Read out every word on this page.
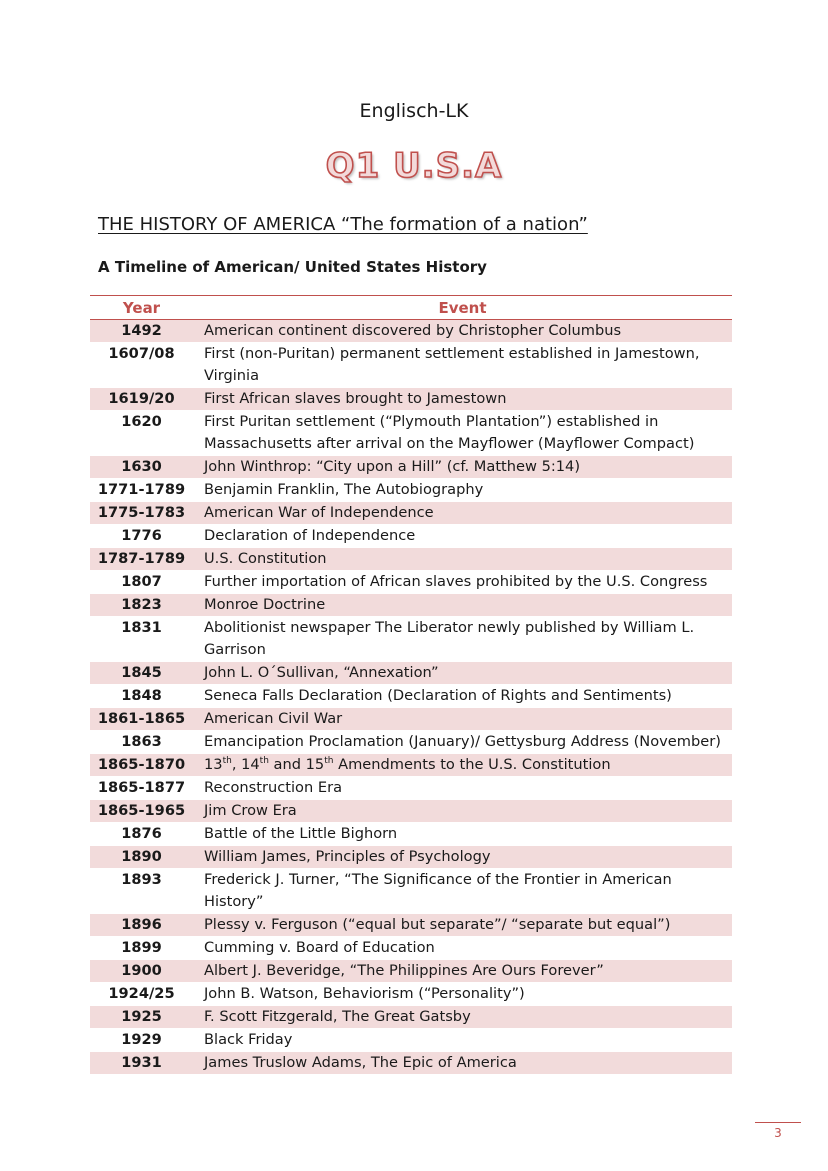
Englisch-LK
Q1 U.S.A
THE HISTORY OF AMERICA “The formation of a nation”
A Timeline of American/ United States History
Year	Event
1492	American continent discovered by Christopher Columbus
1607/08	First (non-Puritan) permanent settlement established in Jamestown, Virginia
1619/20	First African slaves brought to Jamestown
1620	First Puritan settlement (“Plymouth Plantation”) established in Massachusetts after arrival on the Mayflower (Mayflower Compact)
1630	John Winthrop: “City upon a Hill” (cf. Matthew 5:14)
1771-1789	Benjamin Franklin, The Autobiography
1775-1783	American War of Independence
1776	Declaration of Independence
1787-1789	U.S. Constitution
1807	Further importation of African slaves prohibited by the U.S. Congress
1823	Monroe Doctrine
1831	Abolitionist newspaper The Liberator newly published by William L. Garrison
1845	John L. O´Sullivan, “Annexation”
1848	Seneca Falls Declaration (Declaration of Rights and Sentiments)
1861-1865	American Civil War
1863	Emancipation Proclamation (January)/ Gettysburg Address (November)
1865-1870	13th, 14th and 15th Amendments to the U.S. Constitution
1865-1877	Reconstruction Era
1865-1965	Jim Crow Era
1876	Battle of the Little Bighorn
1890	William James, Principles of Psychology
1893	Frederick J. Turner, “The Significance of the Frontier in American History”
1896	Plessy v. Ferguson (“equal but separate”/ “separate but equal”)
1899	Cumming v. Board of Education
1900	Albert J. Beveridge, “The Philippines Are Ours Forever”
1924/25	John B. Watson, Behaviorism (“Personality”)
1925	F. Scott Fitzgerald, The Great Gatsby
1929	Black Friday
1931	James Truslow Adams, The Epic of America
3
